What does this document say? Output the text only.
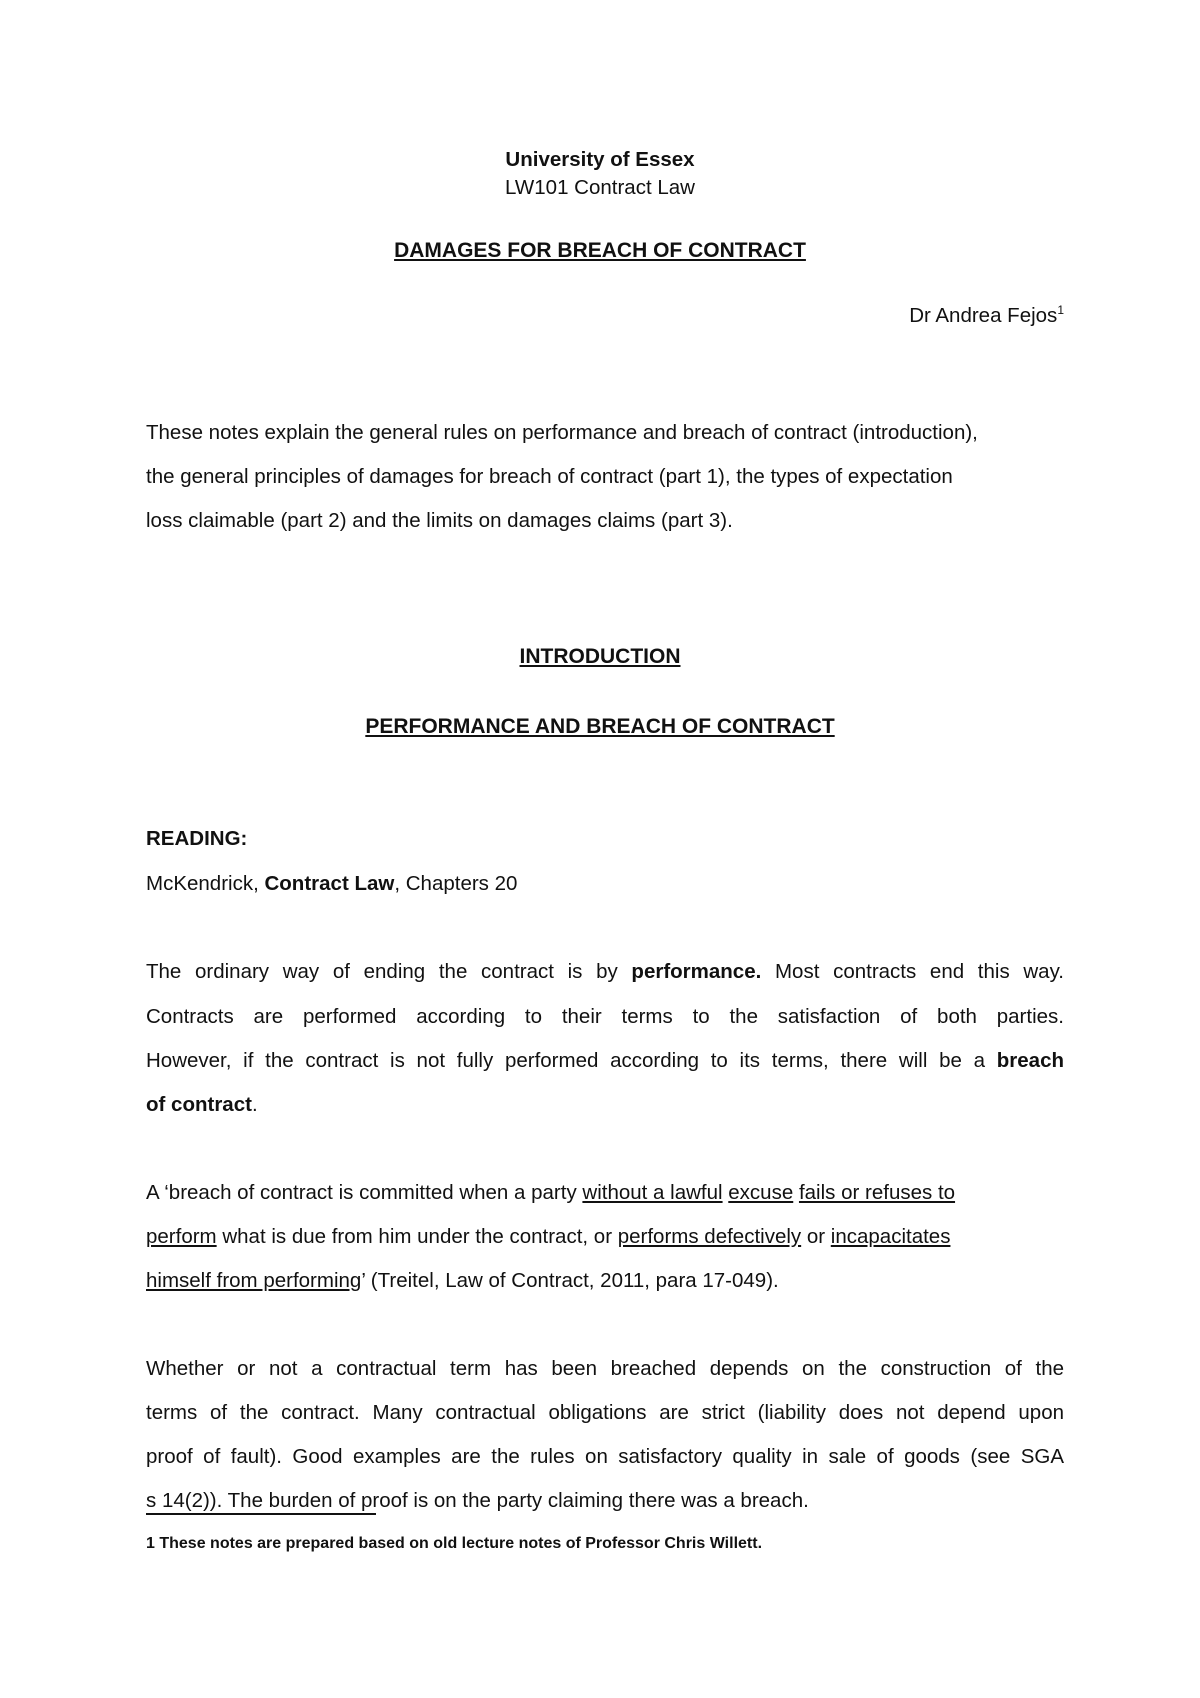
University of Essex
LW101 Contract Law
DAMAGES FOR BREACH OF CONTRACT
Dr Andrea Fejos$^1$
These notes explain the general rules on performance and breach of contract (introduction),
the general principles of damages for breach of contract (part 1), the types of expectation
loss claimable (part 2) and the limits on damages claims (part 3).
INTRODUCTION
PERFORMANCE AND BREACH OF CONTRACT
READING:
McKendrick, Contract Law, Chapters 20
The ordinary way of ending the contract is by performance. Most contracts end this way.
Contracts are performed according to their terms to the satisfaction of both parties.
However, if the contract is not fully performed according to its terms, there will be a breach
of contract.
A ‘breach of contract is committed when a party without a lawful excuse fails or refuses to
perform what is due from him under the contract, or performs defectively or incapacitates
himself from performing’ (Treitel, Law of Contract, 2011, para 17-049).
Whether or not a contractual term has been breached depends on the construction of the
terms of the contract. Many contractual obligations are strict (liability does not depend upon
proof of fault). Good examples are the rules on satisfactory quality in sale of goods (see SGA
s 14(2)). The burden of proof is on the party claiming there was a breach.
1 These notes are prepared based on old lecture notes of Professor Chris Willett.
